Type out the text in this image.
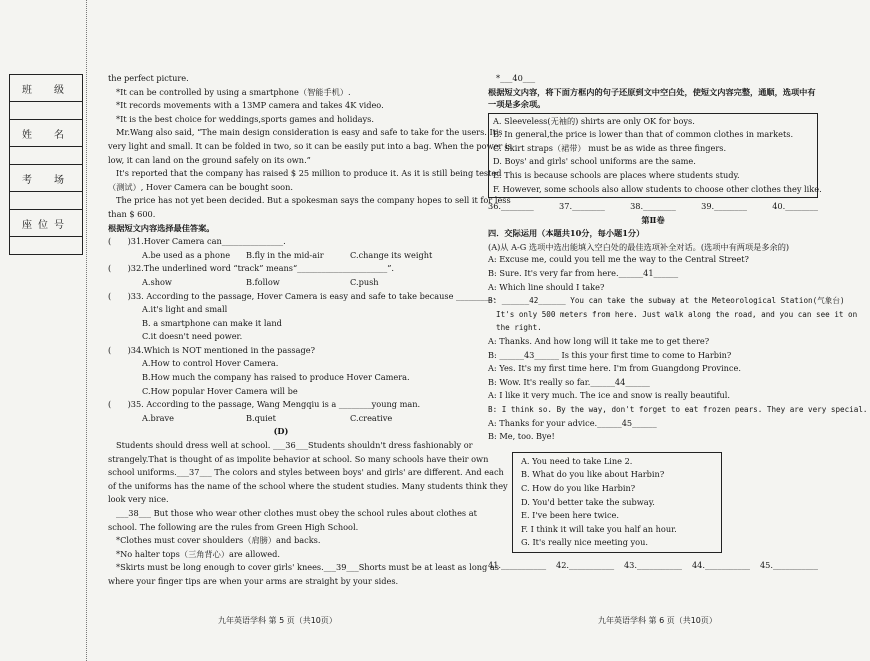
班　级
姓　名
考　场
座位号
the perfect picture.
*It can be controlled by using a smartphone（智能手机）.
*It records movements with a 13MP camera and takes 4K video.
*It is the best choice for weddings,sports games and holidays.
Mr.Wang also said, “The main design consideration is easy and safe to take for the users. It's
very light and small. It can be folded in two, so it can be easily put into a bag. When the power is
low, it can land on the ground safely on its own.”
It's reported that the company has raised $ 25 million to produce it. As it is still being tested
（测试）, Hover Camera can be bought soon.
The price has not yet been decided. But a spokesman says the company hopes to sell it for less
than $ 600.
根据短文内容选择最佳答案。
(　　)31.Hover Camera can_______________.
A.be used as a phone	B.fly in the mid-air	C.change its weight
(　　)32.The underlined word “track” means“______________________”.
A.show	B.follow	C.push
(　　)33. According to the passage, Hover Camera is easy and safe to take because _________.
A.it's light and small
B. a smartphone can make it land
C.it doesn't need power.
(　　)34.Which is NOT mentioned in the passage?
A.How to control Hover Camera.
B.How much the company has raised to produce Hover Camera.
C.How popular Hover Camera will be
(　　)35. According to the passage, Wang Mengqiu is a ________young man.
A.brave	B.quiet	C.creative
(D)
Students should dress well at school. ___36___Students shouldn't dress fashionably or
strangely.That is thought of as impolite behavior at school. So many schools have their own
school uniforms.___37___ The colors and styles between boys' and girls' are different. And each
of the uniforms has the name of the school where the student studies. Many students think they
look very nice.
___38___ But those who wear other clothes must obey the school rules about clothes at
school. The following are the rules from Green High School.
*Clothes must cover shoulders（肩膀）and backs.
*No halter tops（三角背心）are allowed.
*Skirts must be long enough to cover girls' knees.___39___Shorts must be at least as long as
where your finger tips are when your arms are straight by your sides.
*___40___
根据短文内容，将下面方框内的句子还原到文中空白处，使短文内容完整，通顺，选项中有一项是多余项。
A. Sleeveless(无袖的) shirts are only OK for boys.
B. In general,the price is lower than that of common clothes in markets.
C. Skirt straps（裙带） must be as wide as three fingers.
D. Boys' and girls' school uniforms are the same.
E. This is because schools are places where students study.
F. However, some schools also allow students to choose other clothes they like.
36.________	37.________	38.________	39.________	40.________
第Ⅱ卷
四．交际运用（本题共10分，每小题1分）
(A)从 A-G 选项中选出能填入空白处的最佳选项补全对话。(选项中有两项是多余的)
A: Excuse me, could you tell me the way to the Central Street?
B: Sure. It's very far from here.______41______
A: Which line should I take?
B: ______42______ You can take the subway at the Meteorological Station(气象台)
It's only 500 meters from here. Just walk along the road, and you can see it on
the right.
A: Thanks. And how long will it take me to get there?
B: ______43______ Is this your first time to come to Harbin?
A: Yes. It's my first time here. I'm from Guangdong Province.
B: Wow. It's really so far.______44______
A: I like it very much. The ice and snow is really beautiful.
B: I think so. By the way, don't forget to eat frozen pears. They are very special.
A: Thanks for your advice.______45______
B: Me, too. Bye!
A. You need to take Line 2.
B. What do you like about Harbin?
C. How do you like Harbin?
D. You'd better take the subway.
E. I've been here twice.
F. I think it will take you half an hour.
G. It's really nice meeting you.
41.___________ 42.___________ 43.___________ 44.___________ 45.___________
九年英语学科 第 5 页（共10页）	九年英语学科 第 6 页（共10页）
